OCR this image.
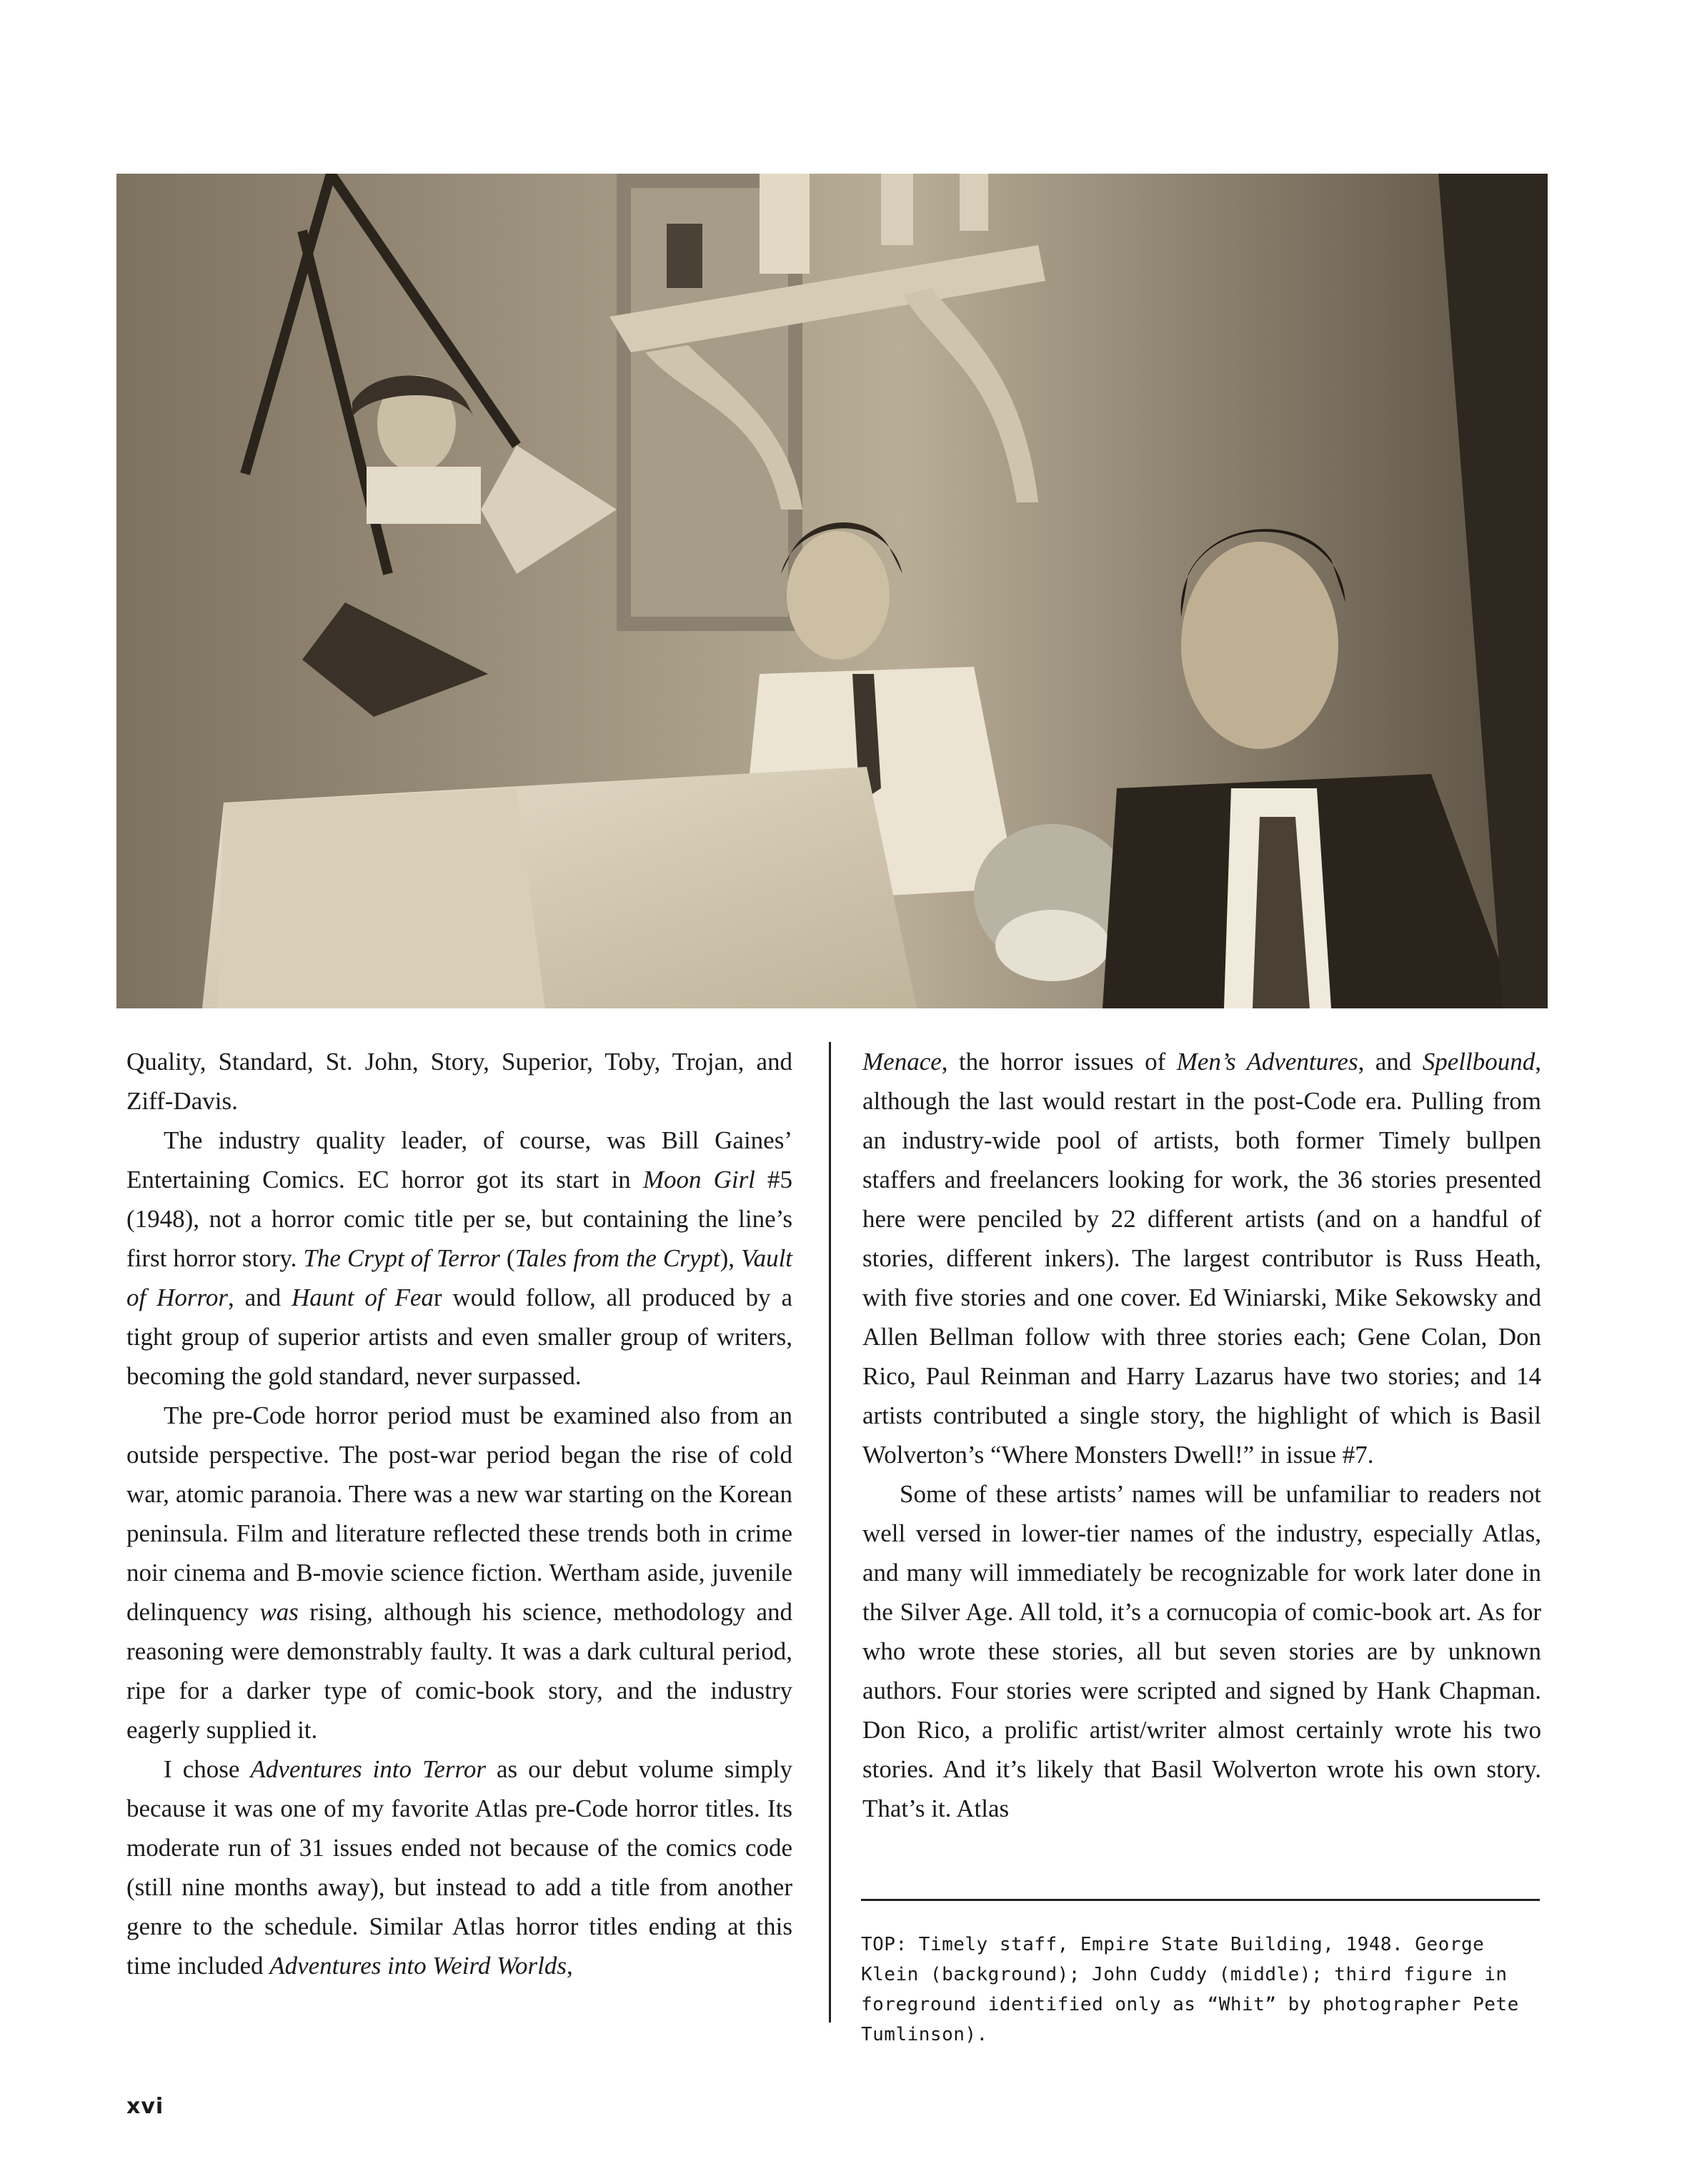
Quality, Standard, St. John, Story, Superior, Toby, Trojan, and Ziff-Davis.

The industry quality leader, of course, was Bill Gaines’ Entertaining Comics. EC horror got its start in Moon Girl #5 (1948), not a horror comic title per se, but containing the line’s first horror story. The Crypt of Terror (Tales from the Crypt), Vault of Horror, and Haunt of Fear would follow, all produced by a tight group of superior artists and even smaller group of writers, becoming the gold standard, never surpassed.

The pre-Code horror period must be examined also from an outside perspective. The post-war period began the rise of cold war, atomic paranoia. There was a new war starting on the Korean peninsula. Film and literature reflected these trends both in crime noir cinema and B-movie science fiction. Wertham aside, juvenile delinquency was rising, although his science, methodology and reasoning were demonstrably faulty. It was a dark cultural period, ripe for a darker type of comic-book story, and the industry eagerly supplied it.

I chose Adventures into Terror as our debut volume simply because it was one of my favorite Atlas pre-Code horror titles. Its moderate run of 31 issues ended not because of the comics code (still nine months away), but instead to add a title from another genre to the schedule. Similar Atlas horror titles ending at this time included Adventures into Weird Worlds,

Menace, the horror issues of Men’s Adventures, and Spellbound, although the last would restart in the post-Code era. Pulling from an industry-wide pool of artists, both former Timely bullpen staffers and freelancers looking for work, the 36 stories presented here were penciled by 22 different artists (and on a handful of stories, different inkers). The largest contributor is Russ Heath, with five stories and one cover. Ed Winiarski, Mike Sekowsky and Allen Bellman follow with three stories each; Gene Colan, Don Rico, Paul Reinman and Harry Lazarus have two stories; and 14 artists contributed a single story, the highlight of which is Basil Wolverton’s “Where Monsters Dwell!” in issue #7.

Some of these artists’ names will be unfamiliar to readers not well versed in lower-tier names of the industry, especially Atlas, and many will immediately be recognizable for work later done in the Silver Age. All told, it’s a cornucopia of comic-book art. As for who wrote these stories, all but seven stories are by unknown authors. Four stories were scripted and signed by Hank Chapman. Don Rico, a prolific artist/writer almost certainly wrote his two stories. And it’s likely that Basil Wolverton wrote his own story. That’s it. Atlas

TOP: Timely staff, Empire State Building, 1948. George Klein (background); John Cuddy (middle); third figure in foreground identified only as “Whit” by photographer Pete Tumlinson).
xvi
